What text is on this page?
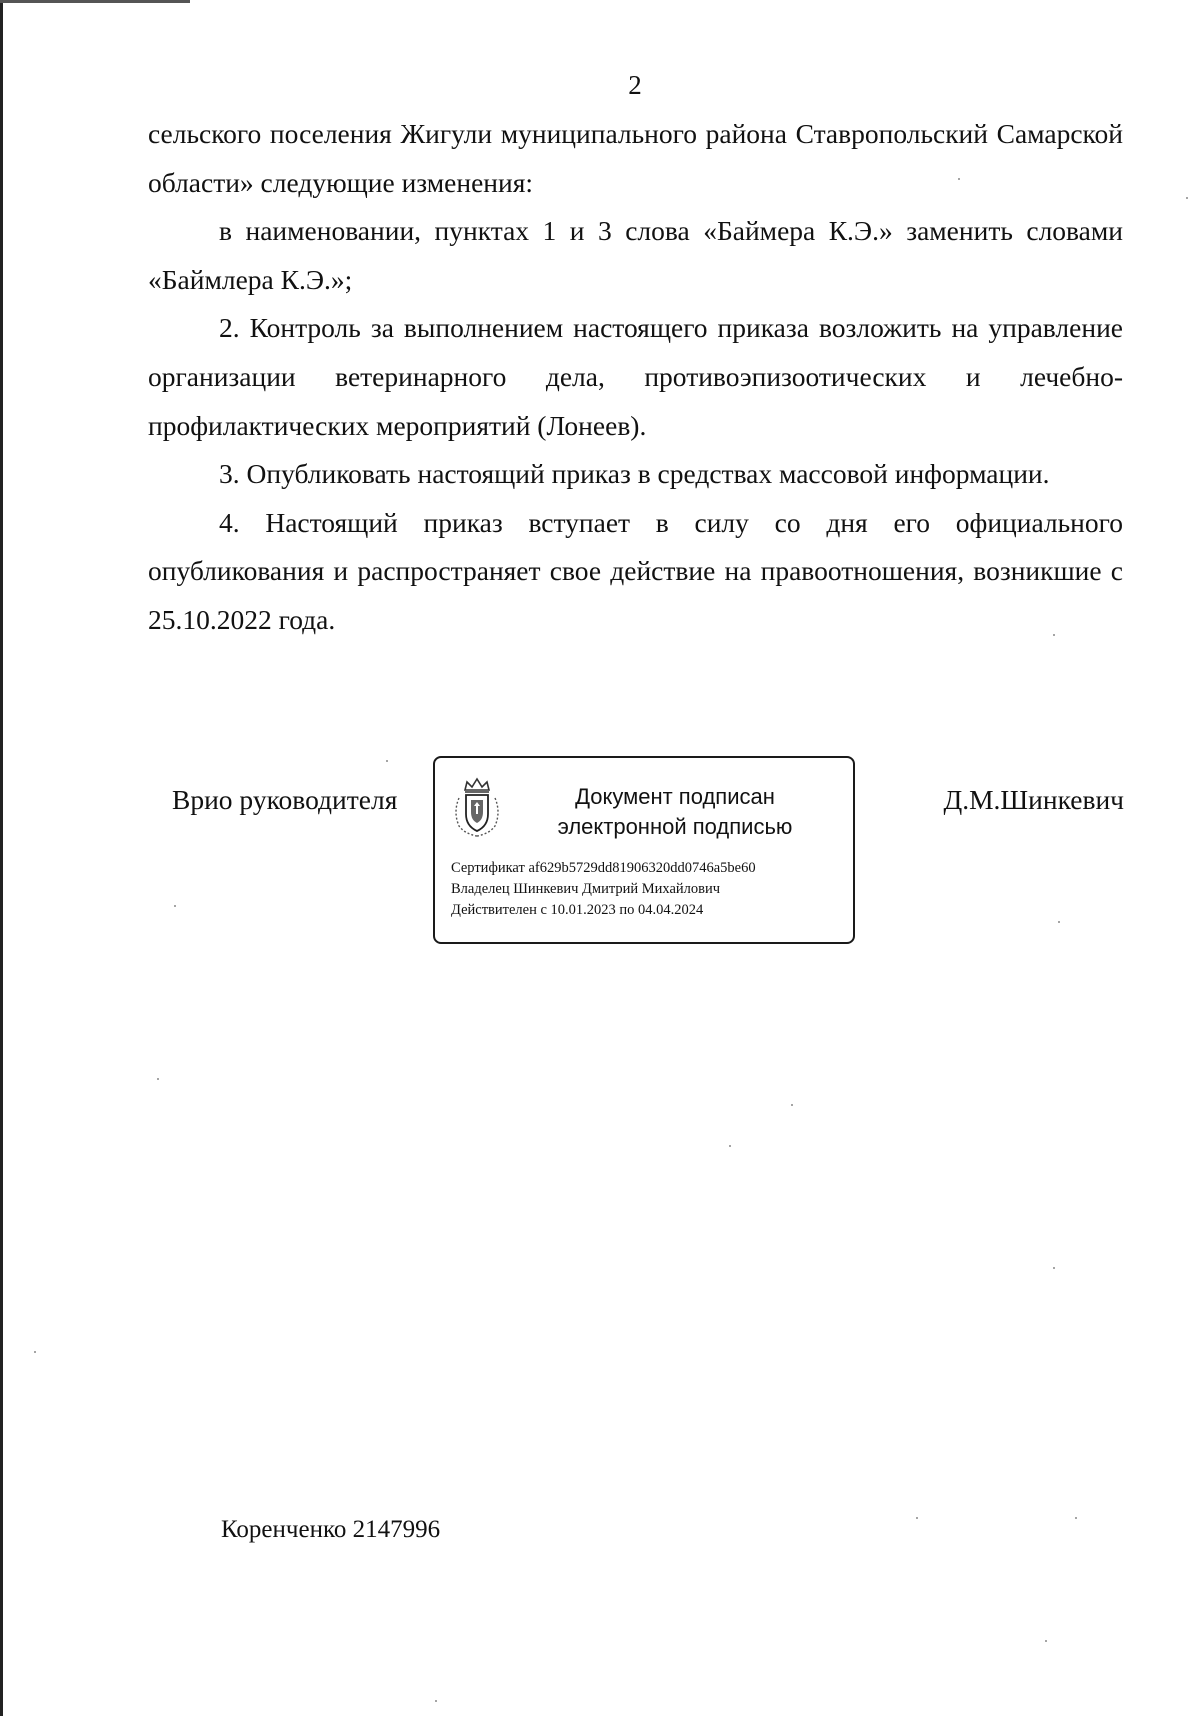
2

сельского поселения Жигули муниципального района Ставропольский Самарской области» следующие изменения:

в наименовании, пунктах 1 и 3 слова «Баймера К.Э.» заменить словами «Баймлера К.Э.»;

2. Контроль за выполнением настоящего приказа возложить на управление организации ветеринарного дела, противоэпизоотических и лечебно-профилактических мероприятий (Лонеев).

3. Опубликовать настоящий приказ в средствах массовой информации.

4. Настоящий приказ вступает в силу со дня его официального опубликования и распространяет свое действие на правоотношения, возникшие с 25.10.2022 года.

Врио руководителя	Документ подписан
электронной подписью
Сертификат af629b5729dd81906320dd0746a5be60
Владелец Шинкевич Дмитрий Михайлович
Действителен с 10.01.2023 по 04.04.2024
Д.М.Шинкевич
Коренченко 2147996
